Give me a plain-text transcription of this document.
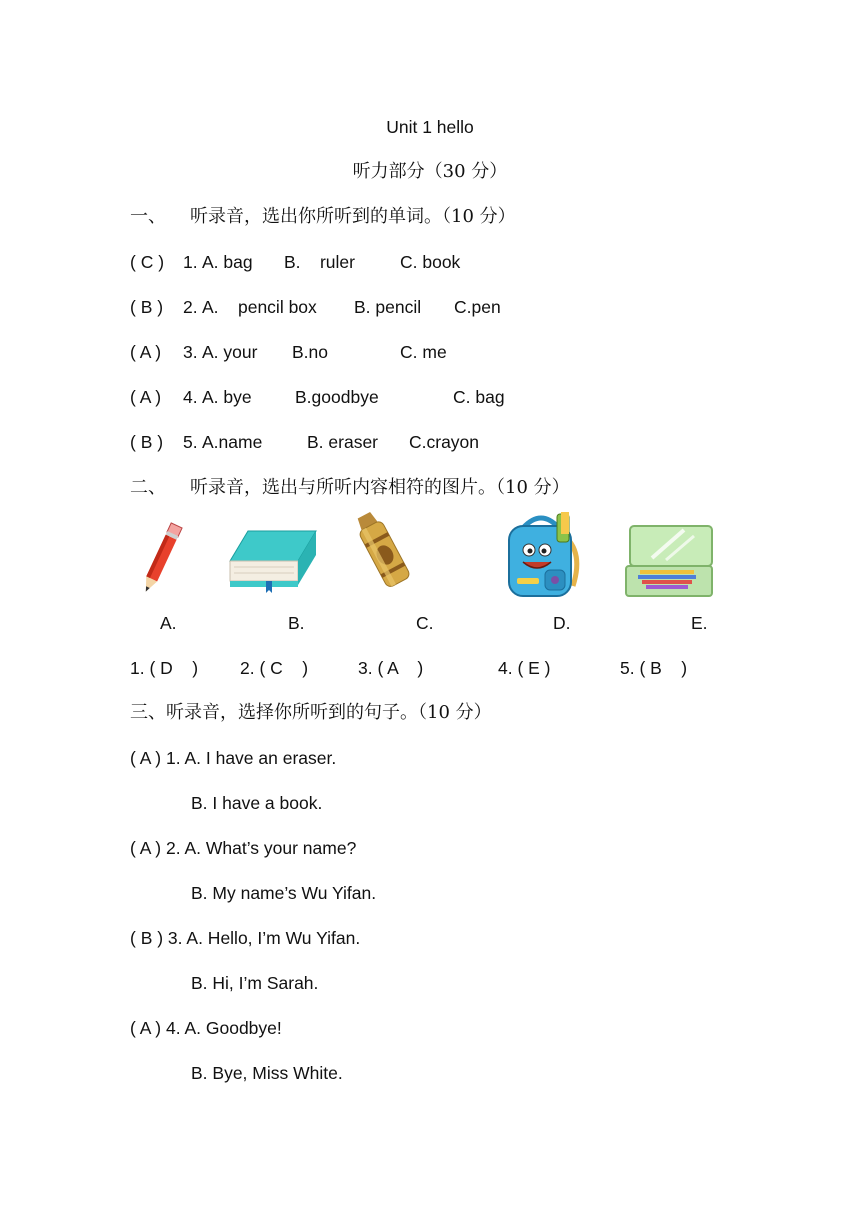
Unit 1 hello
听力部分（30 分）
一、 听录音，选出你所听到的单词。（10 分）
( C ) 1. A. bag B.    ruler	C. book
( B ) 2. A.    pencil box B. pencil C.pen
( A ) 3. A. your B.no	C. me
( A ) 4. A. bye B.goodbye	C. bag
( B ) 5. A.name	B. eraser C.crayon
二、 听录音，选出与所听内容相符的图片。（10 分）
A.	B.	C.	D.	E.
1. ( D    ) 2. ( C    )	3. ( A    )	4. ( E )	5. ( B    )
三、听录音，选择你所听到的句子。（10 分）
( A ) 1. A. I have an eraser.
B. I have a book.
( A ) 2. A. What’s your name?
B. My name’s Wu Yifan.
( B ) 3. A. Hello, I’m Wu Yifan.
B. Hi, I’m Sarah.
( A ) 4. A. Goodbye!
B. Bye, Miss White.
